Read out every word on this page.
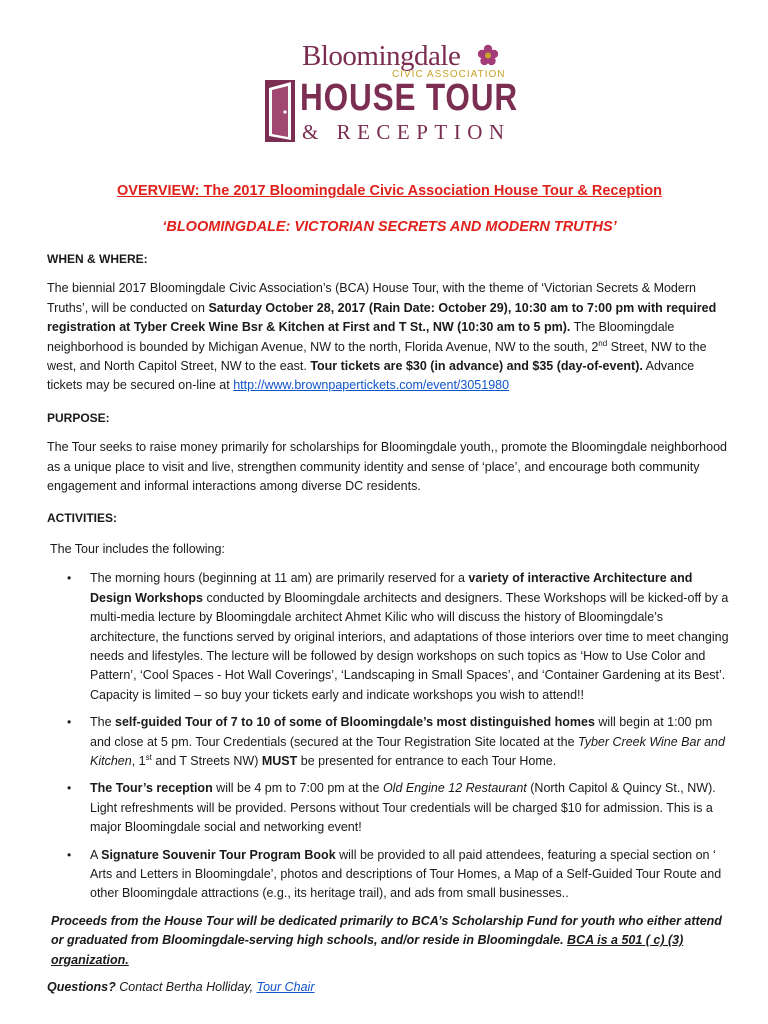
Bloomingdale
CIVIC ASSOCIATION
HOUSE TOUR
& RECEPTION

OVERVIEW: The 2017 Bloomingdale Civic Association House Tour & Reception

‘BLOOMINGDALE: VICTORIAN SECRETS AND MODERN TRUTHS’

WHEN & WHERE:

The biennial 2017 Bloomingdale Civic Association’s (BCA) House Tour, with the theme of ‘Victorian Secrets & Modern Truths’, will be conducted on Saturday October 28, 2017 (Rain Date: October 29), 10:30 am to 7:00 pm with required registration at Tyber Creek Wine Bsr & Kitchen at First and T St., NW (10:30 am to 5 pm). The Bloomingdale neighborhood is bounded by Michigan Avenue, NW to the north, Florida Avenue, NW to the south, 2nd Street, NW to the west, and North Capitol Street, NW to the east. Tour tickets are $30 (in advance) and $35 (day-of-event). Advance tickets may be secured on-line at http://www.brownpapertickets.com/event/3051980

PURPOSE:

The Tour seeks to raise money primarily for scholarships for Bloomingdale youth,, promote the Bloomingdale neighborhood as a unique place to visit and live, strengthen community identity and sense of ‘place’, and encourage both community engagement and informal interactions among diverse DC residents.

ACTIVITIES:

The Tour includes the following:

• The morning hours (beginning at 11 am) are primarily reserved for a variety of interactive Architecture and Design Workshops conducted by Bloomingdale architects and designers. These Workshops will be kicked-off by a multi-media lecture by Bloomingdale architect Ahmet Kilic who will discuss the history of Bloomingdale’s architecture, the functions served by original interiors, and adaptations of those interiors over time to meet changing needs and lifestyles. The lecture will be followed by design workshops on such topics as ‘How to Use Color and Pattern’, ‘Cool Spaces - Hot Wall Coverings’, ‘Landscaping in Small Spaces’, and ‘Container Gardening at its Best’. Capacity is limited – so buy your tickets early and indicate workshops you wish to attend!!
• The self-guided Tour of 7 to 10 of some of Bloomingdale’s most distinguished homes will begin at 1:00 pm and close at 5 pm. Tour Credentials (secured at the Tour Registration Site located at the Tyber Creek Wine Bar and Kitchen, 1st and T Streets NW) MUST be presented for entrance to each Tour Home.
• The Tour’s reception will be 4 pm to 7:00 pm at the Old Engine 12 Restaurant (North Capitol & Quincy St., NW). Light refreshments will be provided. Persons without Tour credentials will be charged $10 for admission. This is a major Bloomingdale social and networking event!
• A Signature Souvenir Tour Program Book will be provided to all paid attendees, featuring a special section on ‘ Arts and Letters in Bloomingdale’, photos and descriptions of Tour Homes, a Map of a Self-Guided Tour Route and other Bloomingdale attractions (e.g., its heritage trail), and ads from small businesses..

Proceeds from the House Tour will be dedicated primarily to BCA’s Scholarship Fund for youth who either attend or graduated from Bloomingdale-serving high schools, and/or reside in Bloomingdale. BCA is a 501 ( c) (3) organization.

Questions? Contact Bertha Holliday, Tour Chair
